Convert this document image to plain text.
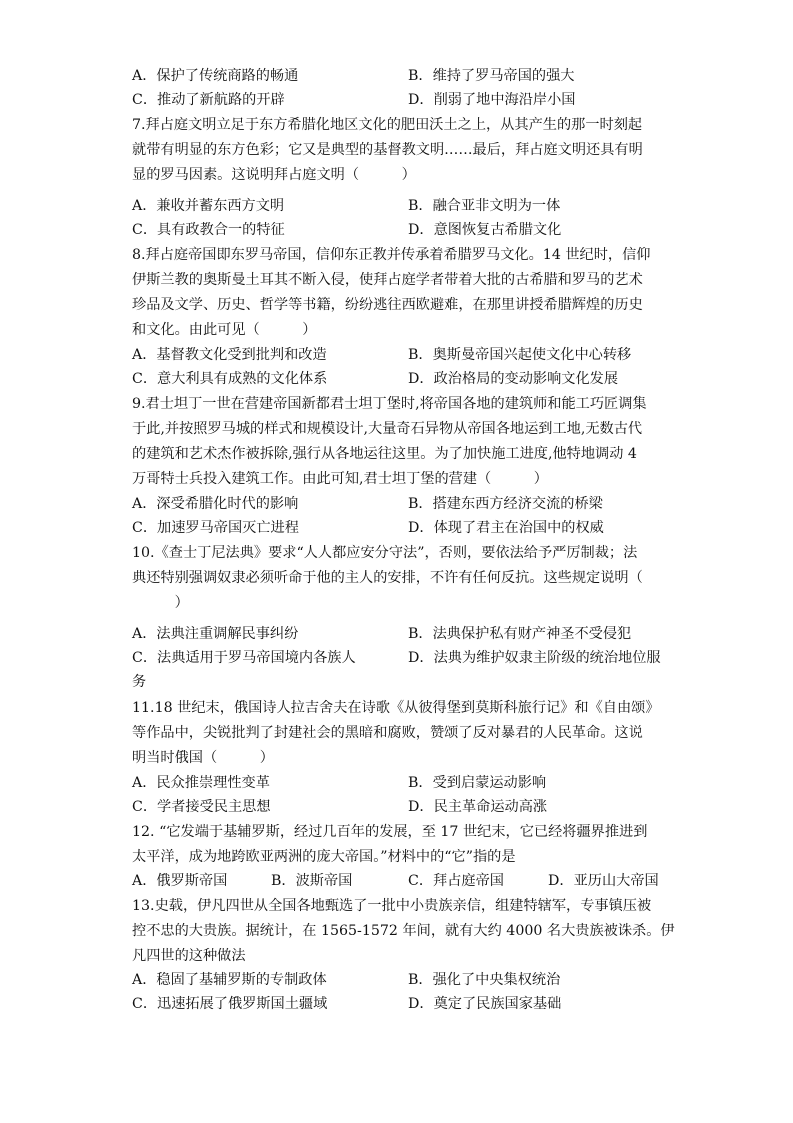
A．保护了传统商路的畅通	B．维持了罗马帝国的强大
C．推动了新航路的开辟	D．削弱了地中海沿岸小国
7.拜占庭文明立足于东方希腊化地区文化的肥田沃土之上，从其产生的那一时刻起
就带有明显的东方色彩；它又是典型的基督教文明……最后，拜占庭文明还具有明
显的罗马因素。这说明拜占庭文明（　　　）
A．兼收并蓄东西方文明	B．融合亚非文明为一体
C．具有政教合一的特征	D．意图恢复古希腊文化
8.拜占庭帝国即东罗马帝国，信仰东正教并传承着希腊罗马文化。14 世纪时，信仰
伊斯兰教的奥斯曼土耳其不断入侵，使拜占庭学者带着大批的古希腊和罗马的艺术
珍品及文学、历史、哲学等书籍，纷纷逃往西欧避难，在那里讲授希腊辉煌的历史
和文化。由此可见（　　　）
A．基督教文化受到批判和改造	B．奥斯曼帝国兴起使文化中心转移
C．意大利具有成熟的文化体系	D．政治格局的变动影响文化发展
9.君士坦丁一世在营建帝国新都君士坦丁堡时,将帝国各地的建筑师和能工巧匠调集
于此,并按照罗马城的样式和规模设计,大量奇石异物从帝国各地运到工地,无数古代
的建筑和艺术杰作被拆除,强行从各地运往这里。为了加快施工进度,他特地调动 4
万哥特士兵投入建筑工作。由此可知,君士坦丁堡的营建（　　　）
A．深受希腊化时代的影响	B．搭建东西方经济交流的桥梁
C．加速罗马帝国灭亡进程	D．体现了君主在治国中的权威
10.《查士丁尼法典》要求“人人都应安分守法”，否则，要依法给予严厉制裁；法
典还特别强调奴隶必须听命于他的主人的安排，不许有任何反抗。这些规定说明（
　　　）
A．法典注重调解民事纠纷	B．法典保护私有财产神圣不受侵犯
C．法典适用于罗马帝国境内各族人	D．法典为维护奴隶主阶级的统治地位服
务
11.18 世纪末，俄国诗人拉吉舍夫在诗歌《从彼得堡到莫斯科旅行记》和《自由颂》
等作品中，尖锐批判了封建社会的黑暗和腐败，赞颂了反对暴君的人民革命。这说
明当时俄国（　　　）
A．民众推崇理性变革	B．受到启蒙运动影响
C．学者接受民主思想	D．民主革命运动高涨
12. “它发端于基辅罗斯，经过几百年的发展，至 17 世纪末，它已经将疆界推进到
太平洋，成为地跨欧亚两洲的庞大帝国。”材料中的“它”指的是
A．俄罗斯帝国	B．波斯帝国	C．拜占庭帝国	D．亚历山大帝国
13.史载，伊凡四世从全国各地甄选了一批中小贵族亲信，组建特辖军，专事镇压被
控不忠的大贵族。据统计，在 1565-1572 年间，就有大约 4000 名大贵族被诛杀。伊
凡四世的这种做法
A．稳固了基辅罗斯的专制政体	B．强化了中央集权统治
C．迅速拓展了俄罗斯国土疆域	D．奠定了民族国家基础
